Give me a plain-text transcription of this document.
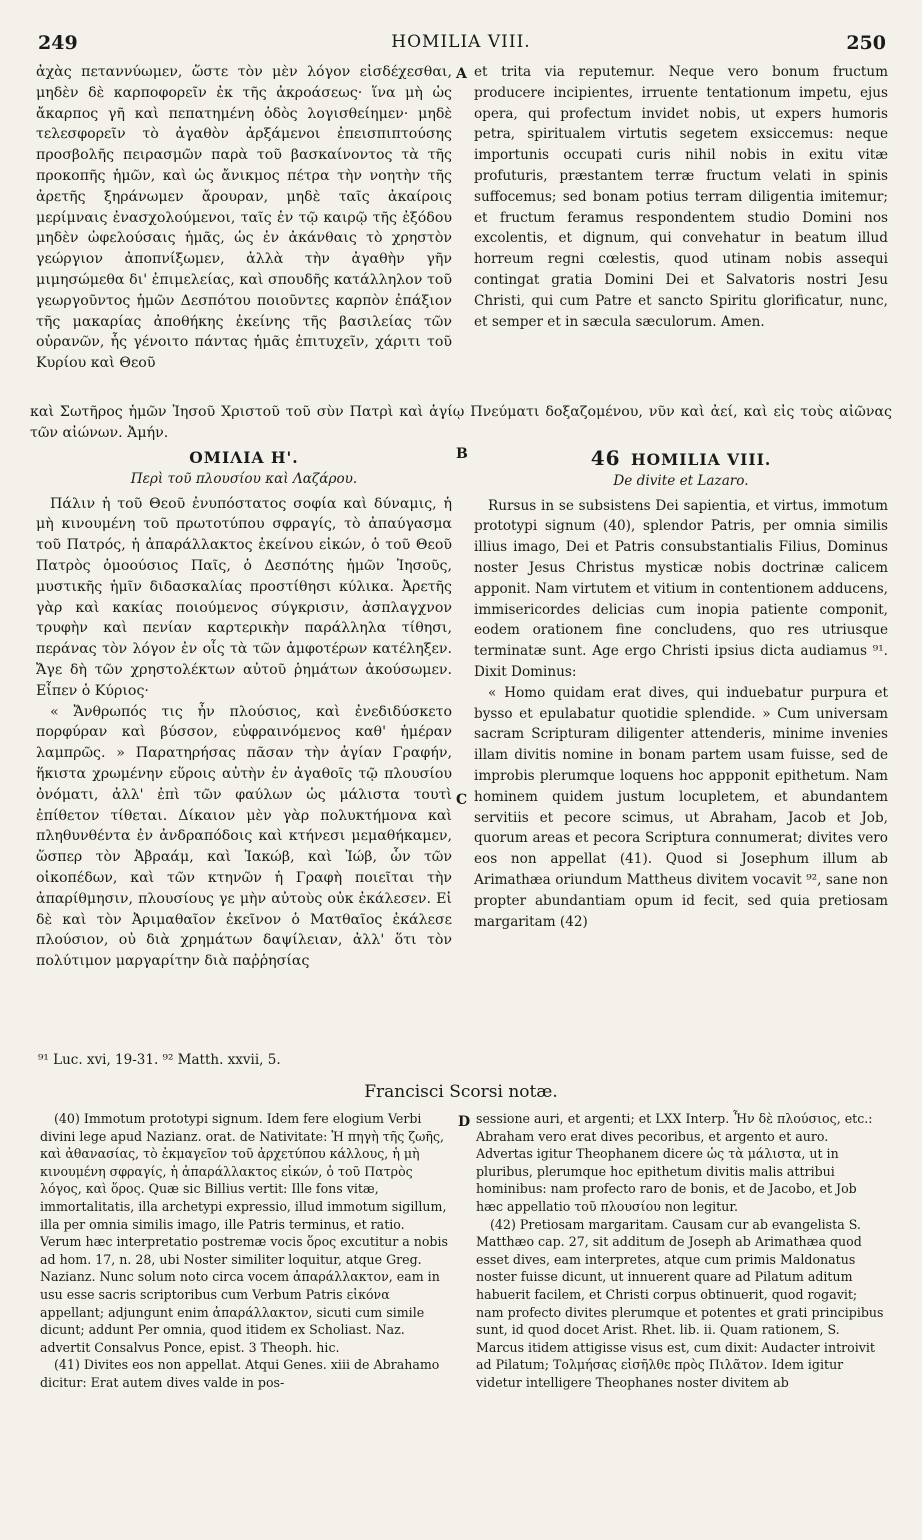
249	HOMILIA VIII.	250

ἀχὰς πεταννύωμεν, ὥστε τὸν μὲν λόγον εἰσδέχεσθαι, μηδὲν δὲ καρποφορεῖν ἐκ τῆς ἀκροάσεως· ἵνα μὴ ὡς ἄκαρπος γῆ καὶ πεπατημένη ὁδὸς λογισθείημεν· μηδὲ τελεσφορεῖν τὸ ἀγαθὸν ἀρξάμενοι ἐπεισπιπτούσης προσβολῆς πειρασμῶν παρὰ τοῦ βασκαίνοντος τὰ τῆς προκοπῆς ἡμῶν, καὶ ὡς ἄνικμος πέτρα τὴν νοητὴν τῆς ἀρετῆς ξηράνωμεν ἄρουραν, μηδὲ ταῖς ἀκαίροις μερίμναις ἐνασχολούμενοι, ταῖς ἐν τῷ καιρῷ τῆς ἐξόδου μηδὲν ὠφελούσαις ἡμᾶς, ὡς ἐν ἀκάνθαις τὸ χρηστὸν γεώργιον ἀποπνίξωμεν, ἀλλὰ τὴν ἀγαθὴν γῆν μιμησώμεθα δι' ἐπιμελείας, καὶ σπουδῆς κατάλληλον τοῦ γεωργοῦντος ἡμῶν Δεσπότου ποιοῦντες καρπὸν ἐπάξιον τῆς μακαρίας ἀποθήκης ἐκείνης τῆς βασιλείας τῶν οὐρανῶν, ἧς γένοιτο πάντας ἡμᾶς ἐπιτυχεῖν, χάριτι τοῦ Κυρίου καὶ Θεοῦ

A et trita via reputemur. Neque vero bonum fructum producere incipientes, irruente tentationum impetu, ejus opera, qui profectum invidet nobis, ut expers humoris petra, spiritualem virtutis segetem exsiccemus: neque importunis occupati curis nihil nobis in exitu vitæ profuturis, præstantem terræ fructum velati in spinis suffocemus; sed bonam potius terram diligentia imitemur; et fructum feramus respondentem studio Domini nos excolentis, et dignum, qui convehatur in beatum illud horreum regni cœlestis, quod utinam nobis assequi contingat gratia Domini Dei et Salvatoris nostri Jesu Christi, qui cum Patre et sancto Spiritu glorificatur, nunc, et semper et in sæcula sæculorum. Amen.

καὶ Σωτῆρος ἡμῶν Ἰησοῦ Χριστοῦ τοῦ σὺν Πατρὶ καὶ ἁγίῳ Πνεύματι δοξαζομένου, νῦν καὶ ἀεί, καὶ εἰς τοὺς αἰῶνας τῶν αἰώνων. Ἀμήν.
B
ΟΜΙΛΙΑ Η'.
Περὶ τοῦ πλουσίου καὶ Λαζάρου.

Πάλιν ἡ τοῦ Θεοῦ ἐνυπόστατος σοφία καὶ δύναμις, ἡ μὴ κινουμένη τοῦ πρωτοτύπου σφραγίς, τὸ ἀπαύγασμα τοῦ Πατρός, ἡ ἀπαράλλακτος ἐκείνου εἰκών, ὁ τοῦ Θεοῦ Πατρὸς ὁμοούσιος Παῖς, ὁ Δεσπότης ἡμῶν Ἰησοῦς, μυστικῆς ἡμῖν διδασκαλίας προστίθησι κύλικα. Ἀρετῆς γὰρ καὶ κακίας ποιούμενος σύγκρισιν, ἀσπλαγχνον τρυφὴν καὶ πενίαν καρτερικὴν παράλληλα τίθησι, περάνας τὸν λόγον ἐν οἷς τὰ τῶν ἀμφοτέρων κατέληξεν. Ἄγε δὴ τῶν χρηστολέκτων αὐτοῦ ῥημάτων ἀκούσωμεν. Εἶπεν ὁ Κύριος·

« Ἄνθρωπός τις ἦν πλούσιος, καὶ ἐνεδιδύσκετο πορφύραν καὶ βύσσον, εὐφραινόμενος καθ' ἡμέραν λαμπρῶς. » Παρατηρήσας πᾶσαν τὴν ἁγίαν Γραφήν, ἥκιστα χρωμένην εὕροις αὐτὴν ἐν ἀγαθοῖς τῷ πλουσίου ὀνόματι, ἀλλ' ἐπὶ τῶν φαύλων ὡς μάλιστα τουτὶ ἐπίθετον τίθεται. Δίκαιον μὲν γὰρ πολυκτήμονα καὶ πληθυνθέντα ἐν ἀνδραπόδοις καὶ κτήνεσι μεμαθήκαμεν, ὥσπερ τὸν Ἀβραάμ, καὶ Ἰακώβ, καὶ Ἰώβ, ὧν τῶν οἰκοπέδων, καὶ τῶν κτηνῶν ἡ Γραφὴ ποιεῖται τὴν ἀπαρίθμησιν, πλουσίους γε μὴν αὐτοὺς οὐκ ἐκάλεσεν. Εἰ δὲ καὶ τὸν Ἀριμαθαῖον ἐκεῖνον ὁ Ματθαῖος ἐκάλεσε πλούσιον, οὐ διὰ χρημάτων δαψίλειαν, ἀλλ' ὅτι τὸν πολύτιμον μαργαρίτην διὰ παῤῥησίας

C
46 HOMILIA VIII.
De divite et Lazaro.

Rursus in se subsistens Dei sapientia, et virtus, immotum prototypi signum (40), splendor Patris, per omnia similis illius imago, Dei et Patris consubstantialis Filius, Dominus noster Jesus Christus mysticæ nobis doctrinæ calicem apponit. Nam virtutem et vitium in contentionem adducens, immisericordes delicias cum inopia patiente componit, eodem orationem fine concludens, quo res utriusque terminatæ sunt. Age ergo Christi ipsius dicta audiamus ⁹¹. Dixit Dominus:

« Homo quidam erat dives, qui induebatur purpura et bysso et epulabatur quotidie splendide. » Cum universam sacram Scripturam diligenter attenderis, minime invenies illam divitis nomine in bonam partem usam fuisse, sed de improbis plerumque loquens hoc appponit epithetum. Nam hominem quidem justum locupletem, et abundantem servitiis et pecore scimus, ut Abraham, Jacob et Job, quorum areas et pecora Scriptura connumerat; divites vero eos non appellat (41). Quod si Josephum illum ab Arimathæa oriundum Mattheus divitem vocavit ⁹², sane non propter abundantiam opum id fecit, sed quia pretiosam margaritam (42)

⁹¹ Luc. xvi, 19-31. ⁹² Matth. xxvii, 5.
Francisci Scorsi notæ.
D

(40) Immotum prototypi signum. Idem fere elogium Verbi divini lege apud Nazianz. orat. de Nativitate: Ἡ πηγὴ τῆς ζωῆς, καὶ ἀθανασίας, τὸ ἐκμαγεῖον τοῦ ἀρχετύπου κάλλους, ἡ μὴ κινουμένη σφραγίς, ἡ ἀπαράλλακτος εἰκών, ὁ τοῦ Πατρὸς λόγος, καὶ ὅρος. Quæ sic Billius vertit: Ille fons vitæ, immortalitatis, illa archetypi expressio, illud immotum sigillum, illa per omnia similis imago, ille Patris terminus, et ratio. Verum hæc interpretatio postremæ vocis ὅρος excutitur a nobis ad hom. 17, n. 28, ubi Noster similiter loquitur, atque Greg. Nazianz. Nunc solum noto circa vocem ἀπαράλλακτον, eam in usu esse sacris scriptoribus cum Verbum Patris εἰκόνα appellant; adjungunt enim ἀπαράλλακτον, sicuti cum simile dicunt; addunt Per omnia, quod itidem ex Scholiast. Naz. advertit Consalvus Ponce, epist. 3 Theoph. hic.

(41) Divites eos non appellat. Atqui Genes. xiii de Abrahamo dicitur: Erat autem dives valde in pos-

sessione auri, et argenti; et LXX Interp. Ἦν δὲ πλούσιος, etc.: Abraham vero erat dives pecoribus, et argento et auro. Advertas igitur Theophanem dicere ὡς τὰ μάλιστα, ut in pluribus, plerumque hoc epithetum divitis malis attribui hominibus: nam profecto raro de bonis, et de Jacobo, et Job hæc appellatio τοῦ πλουσίου non legitur.

(42) Pretiosam margaritam. Causam cur ab evangelista S. Matthæo cap. 27, sit additum de Joseph ab Arimathæa quod esset dives, eam interpretes, atque cum primis Maldonatus noster fuisse dicunt, ut innuerent quare ad Pilatum aditum habuerit facilem, et Christi corpus obtinuerit, quod rogavit; nam profecto divites plerumque et potentes et grati principibus sunt, id quod docet Arist. Rhet. lib. ii. Quam rationem, S. Marcus itidem attigisse visus est, cum dixit: Audacter introivit ad Pilatum; Τολμήσας εἰσῆλθε πρὸς Πιλᾶτον. Idem igitur videtur intelligere Theophanes noster divitem ab
